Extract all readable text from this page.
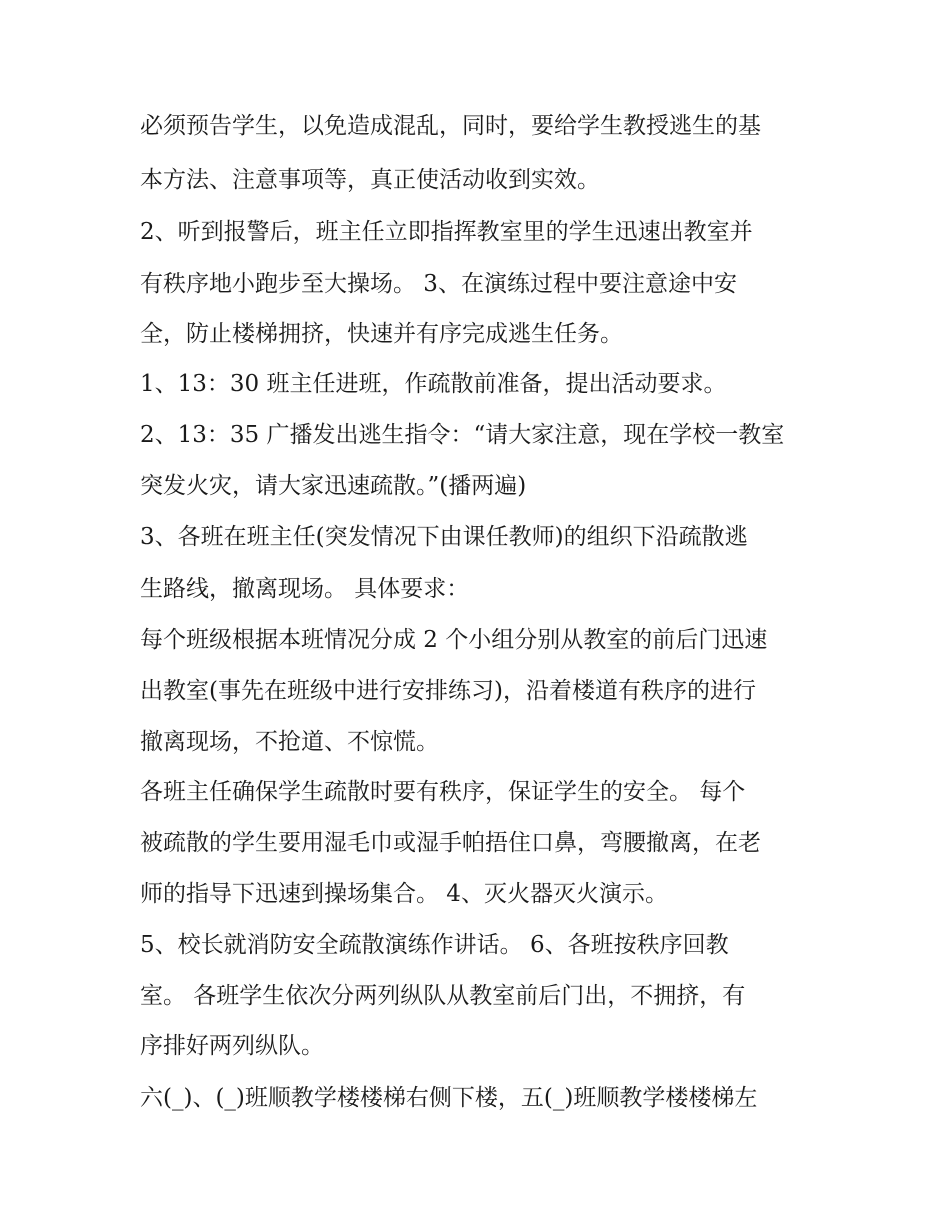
必须预告学生，以免造成混乱，同时，要给学生教授逃生的基

本方法、注意事项等，真正使活动收到实效。

2、听到报警后，班主任立即指挥教室里的学生迅速出教室并

有秩序地小跑步至大操场。 3、在演练过程中要注意途中安

全，防止楼梯拥挤，快速并有序完成逃生任务。

1、13：30 班主任进班，作疏散前准备，提出活动要求。

2、13：35 广播发出逃生指令：“请大家注意，现在学校一教室

突发火灾，请大家迅速疏散。”(播两遍)

3、各班在班主任(突发情况下由课任教师)的组织下沿疏散逃

生路线，撤离现场。 具体要求：

每个班级根据本班情况分成 2 个小组分别从教室的前后门迅速

出教室(事先在班级中进行安排练习)，沿着楼道有秩序的进行

撤离现场，不抢道、不惊慌。

各班主任确保学生疏散时要有秩序，保证学生的安全。 每个

被疏散的学生要用湿毛巾或湿手帕捂住口鼻，弯腰撤离，在老

师的指导下迅速到操场集合。 4、灭火器灭火演示。

5、校长就消防安全疏散演练作讲话。 6、各班按秩序回教

室。 各班学生依次分两列纵队从教室前后门出，不拥挤，有

序排好两列纵队。

六(_)、(_)班顺教学楼楼梯右侧下楼，五(_)班顺教学楼楼梯左
